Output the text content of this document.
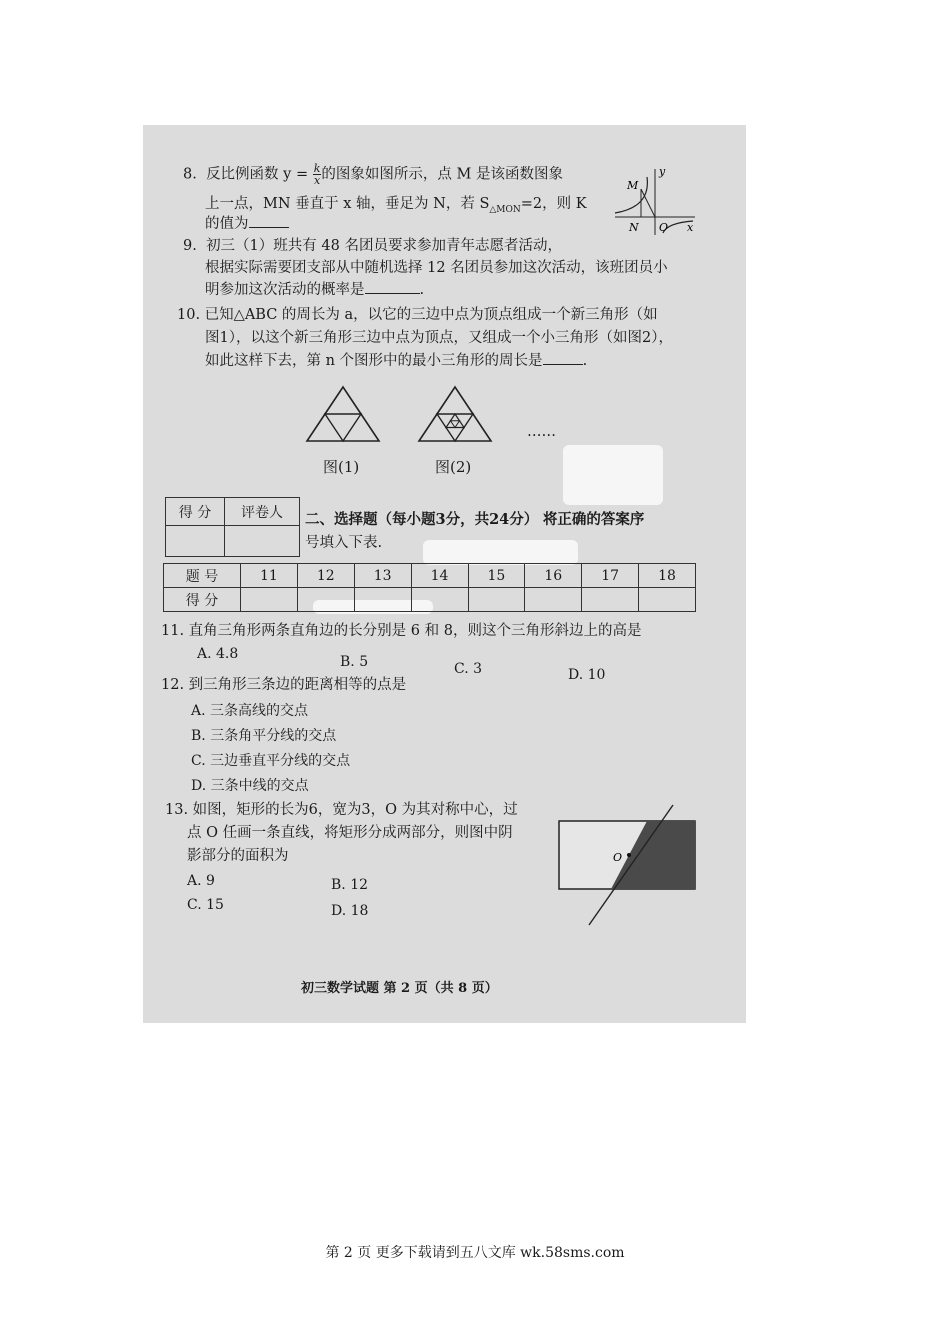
8. 反比例函数 $y = \frac{k}{x}$的图象如图所示，点 M 是该函数图象
上一点，MN 垂直于 x 轴，垂足为 N，若 $S_{\triangle MON}=2$，则 K
的值为
M
y
N O x
9. 初三（1）班共有 48 名团员要求参加青年志愿者活动，
根据实际需要团支部从中随机选择 12 名团员参加这次活动，该班团员小
明参加这次活动的概率是	.
10. 已知△ABC 的周长为 a，以它的三边中点为顶点组成一个新三角形（如
图1），以这个新三角形三边中点为顶点，又组成一个小三角形（如图2），
如此这样下去，第 n 个图形中的最小三角形的周长是	.
图(1)	图(2)
……
得 分	评卷人
	二、选择题（每小题3分，共24分） 将正确的答案序
号填入下表.
题 号	11	12	13	14	15	16	17	18
得 分								
11. 直角三角形两条直角边的长分别是 6 和 8，则这个三角形斜边上的高是
A. 4.8	B. 5	C. 3	D. 10
12. 到三角形三条边的距离相等的点是
A. 三条高线的交点
B. 三条角平分线的交点
C. 三边垂直平分线的交点
D. 三条中线的交点
13. 如图，矩形的长为6，宽为3，O 为其对称中心，过
点 O 任画一条直线，将矩形分成两部分，则图中阴
影部分的面积为
A. 9	B. 12
C. 15	D. 18
O
初三数学试题 第 2 页（共 8 页）
第 2 页 更多下载请到五八文库 wk.58sms.com
